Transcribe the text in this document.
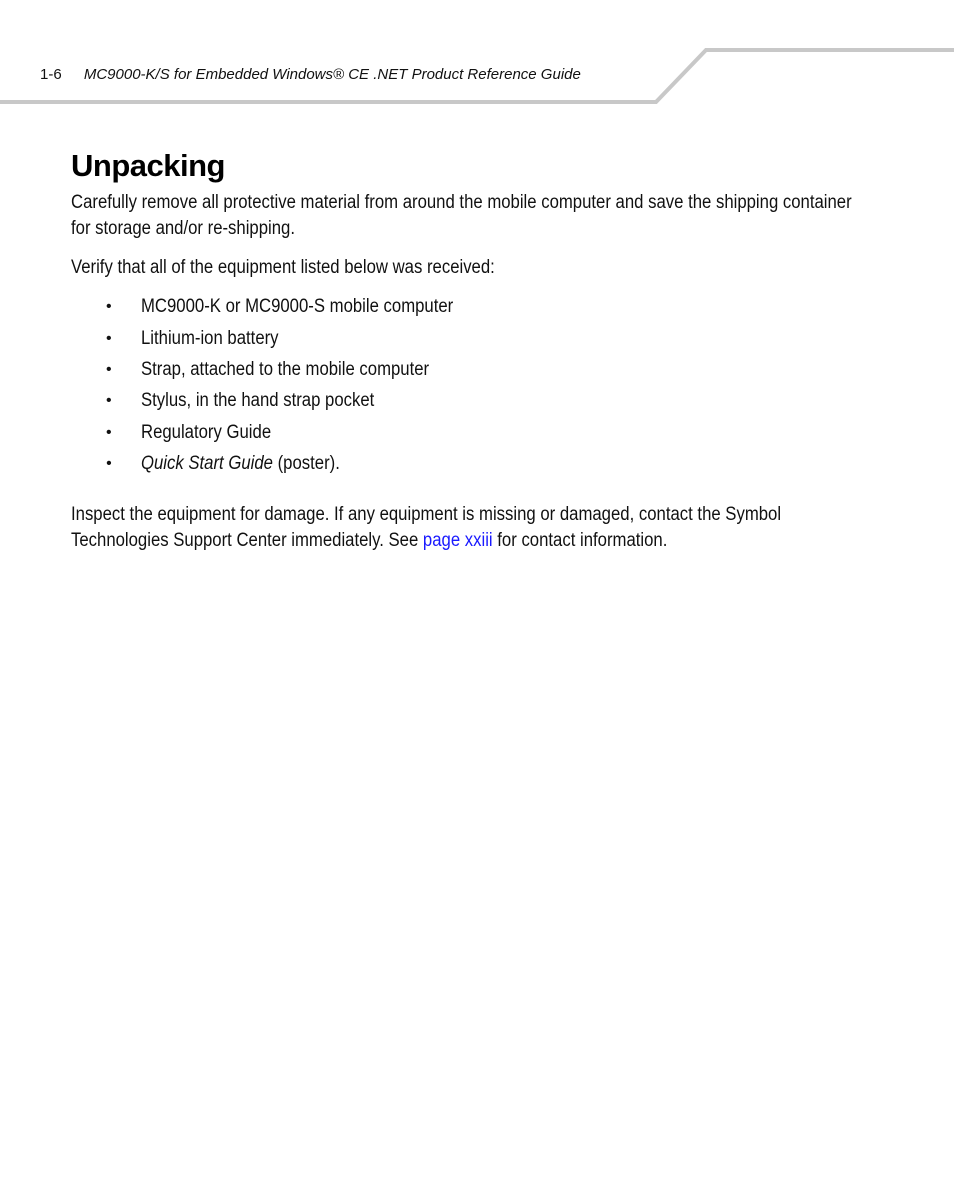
1-6 MC9000-K/S for Embedded Windows® CE .NET Product Reference Guide
Unpacking

Carefully remove all protective material from around the mobile computer and save the shipping container for storage and/or re-shipping.

Verify that all of the equipment listed below was received:

•	MC9000-K or MC9000-S mobile computer
•	Lithium-ion battery
•	Strap, attached to the mobile computer
•	Stylus, in the hand strap pocket
•	Regulatory Guide
•	Quick Start Guide (poster).

Inspect the equipment for damage. If any equipment is missing or damaged, contact the Symbol Technologies Support Center immediately. See page xxiii for contact information.
